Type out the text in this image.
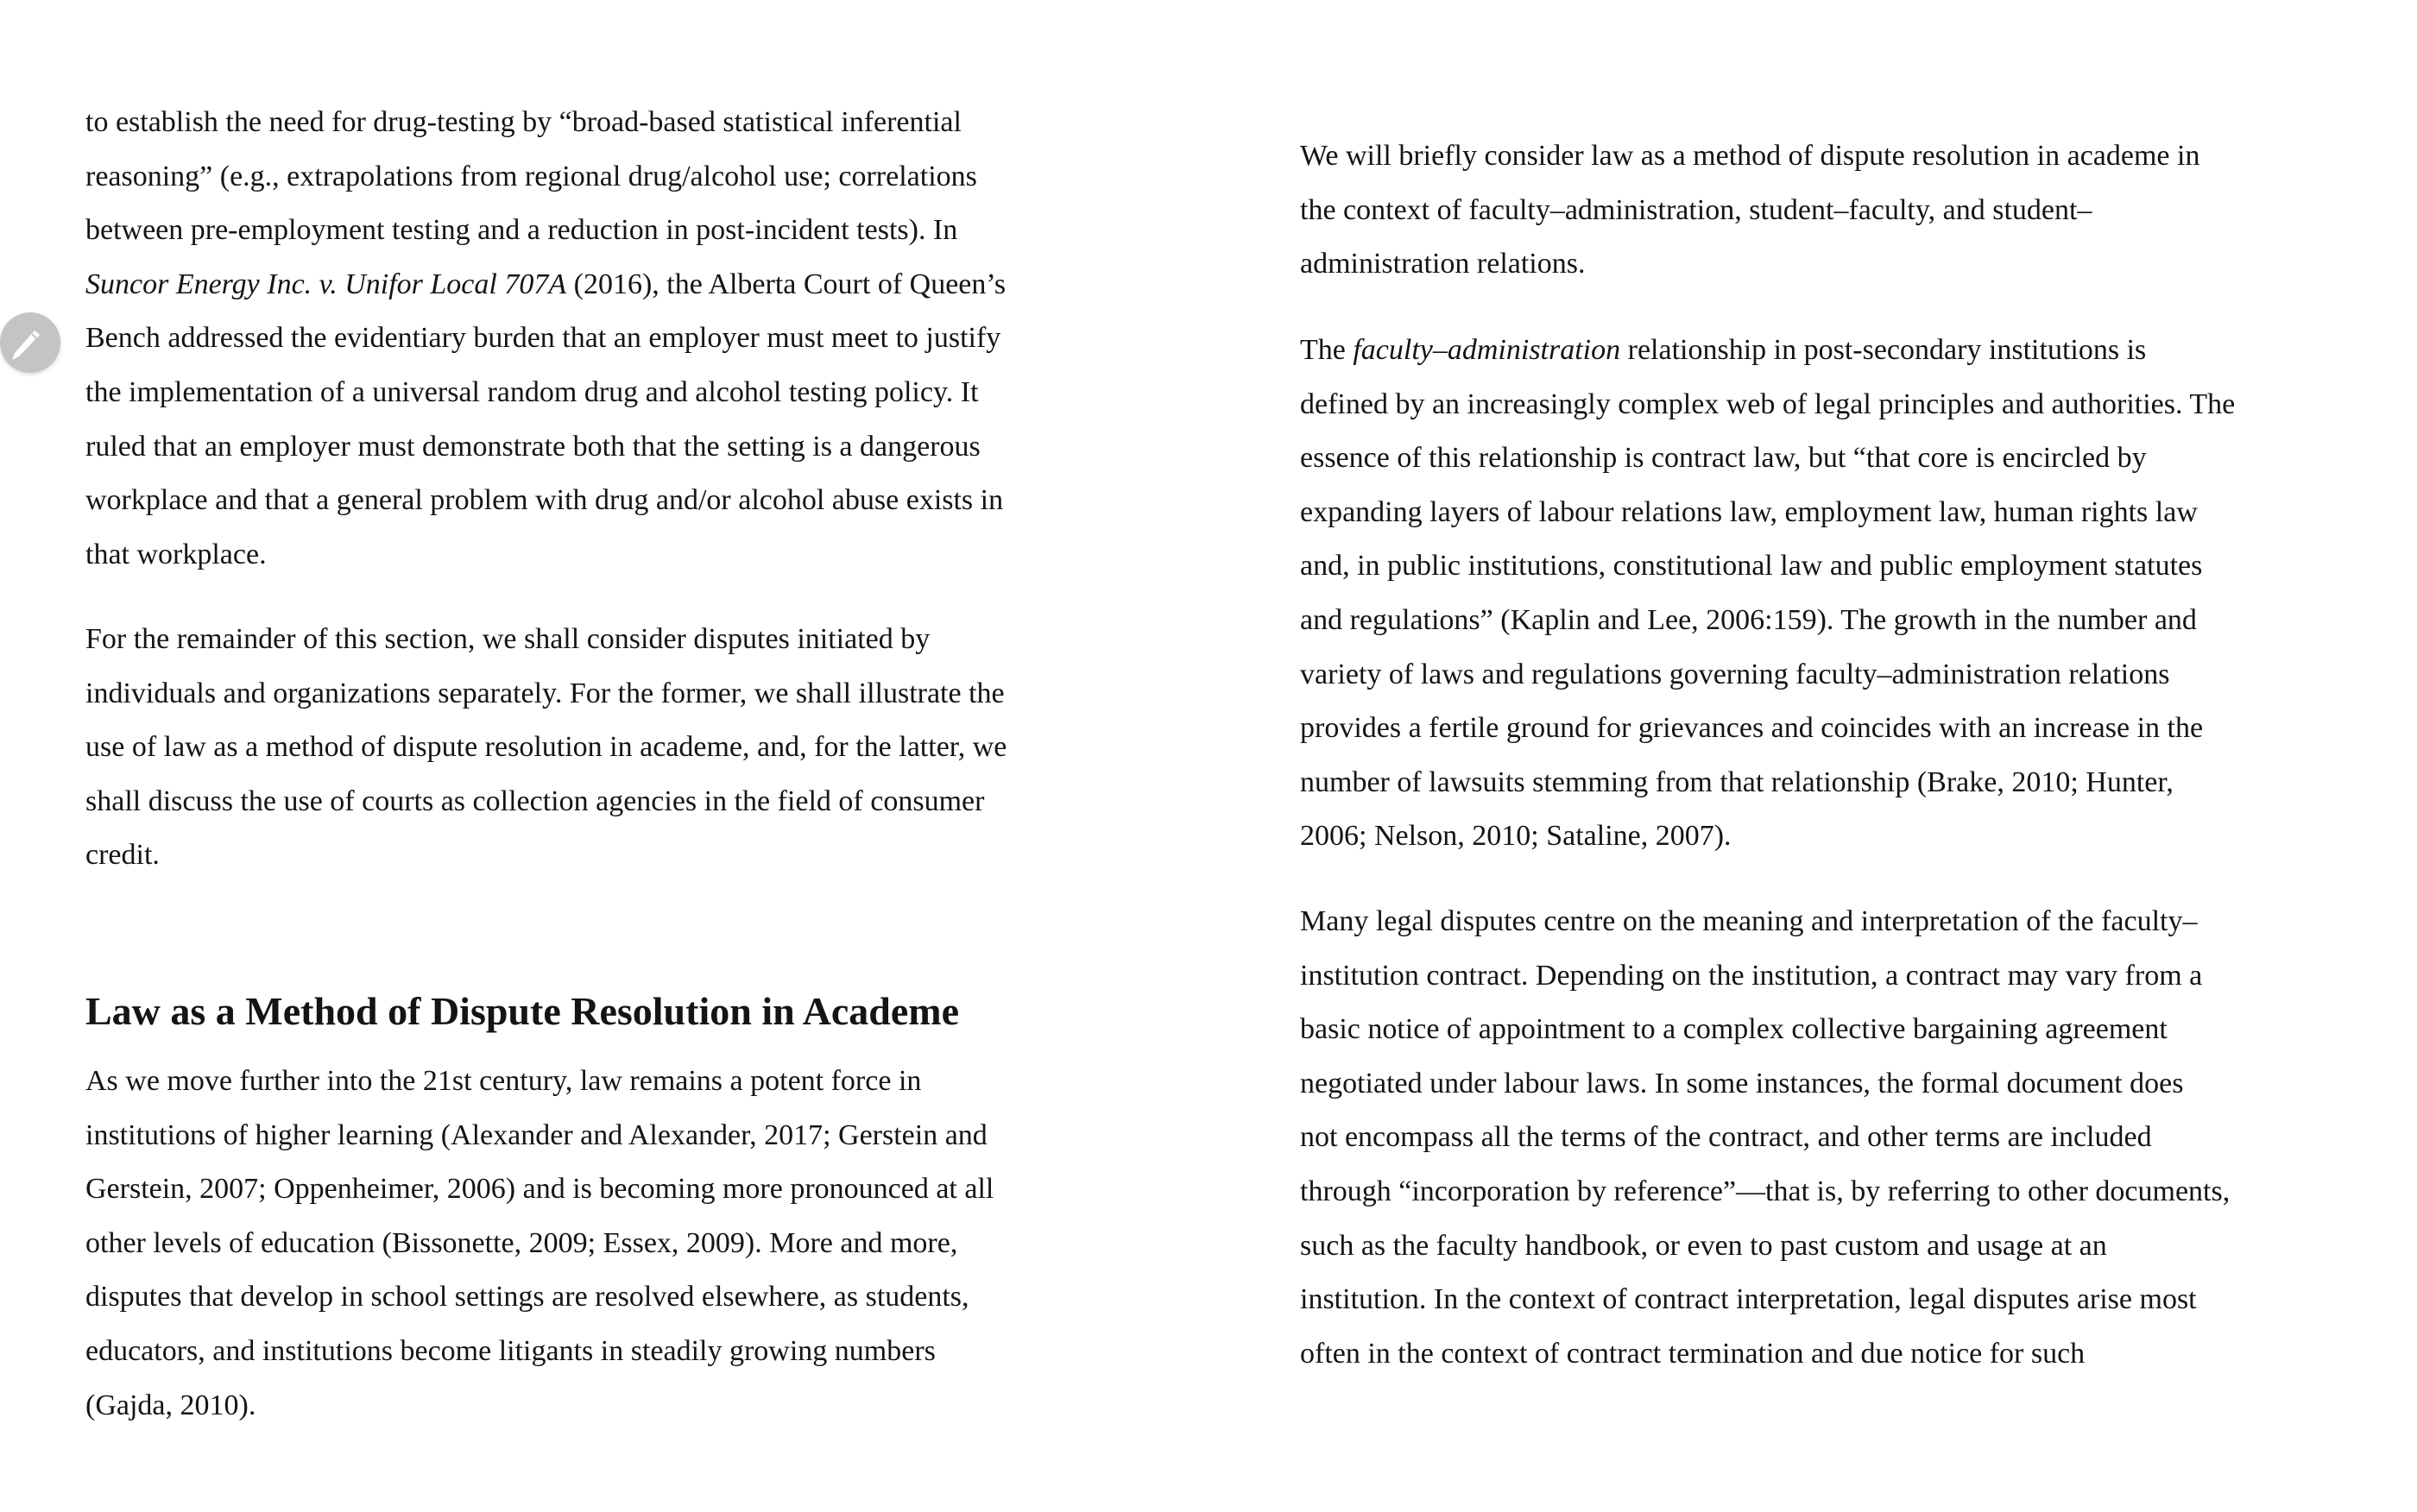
to establish the need for drug-testing by “broad-based statistical inferential
reasoning” (e.g., extrapolations from regional drug/alcohol use; correlations
between pre-employment testing and a reduction in post-incident tests). In
Suncor Energy Inc. v. Unifor Local 707A (2016), the Alberta Court of Queen’s
Bench addressed the evidentiary burden that an employer must meet to justify
the implementation of a universal random drug and alcohol testing policy. It
ruled that an employer must demonstrate both that the setting is a dangerous
workplace and that a general problem with drug and/or alcohol abuse exists in
that workplace.
For the remainder of this section, we shall consider disputes initiated by
individuals and organizations separately. For the former, we shall illustrate the
use of law as a method of dispute resolution in academe, and, for the latter, we
shall discuss the use of courts as collection agencies in the field of consumer
credit.
Law as a Method of Dispute Resolution in Academe
As we move further into the 21st century, law remains a potent force in
institutions of higher learning (Alexander and Alexander, 2017; Gerstein and
Gerstein, 2007; Oppenheimer, 2006) and is becoming more pronounced at all
other levels of education (Bissonette, 2009; Essex, 2009). More and more,
disputes that develop in school settings are resolved elsewhere, as students,
educators, and institutions become litigants in steadily growing numbers
(Gajda, 2010).
We will briefly consider law as a method of dispute resolution in academe in
the context of faculty–administration, student–faculty, and student–
administration relations.
The faculty–administration relationship in post-secondary institutions is
defined by an increasingly complex web of legal principles and authorities. The
essence of this relationship is contract law, but “that core is encircled by
expanding layers of labour relations law, employment law, human rights law
and, in public institutions, constitutional law and public employment statutes
and regulations” (Kaplin and Lee, 2006:159). The growth in the number and
variety of laws and regulations governing faculty–administration relations
provides a fertile ground for grievances and coincides with an increase in the
number of lawsuits stemming from that relationship (Brake, 2010; Hunter,
2006; Nelson, 2010; Sataline, 2007).
Many legal disputes centre on the meaning and interpretation of the faculty–
institution contract. Depending on the institution, a contract may vary from a
basic notice of appointment to a complex collective bargaining agreement
negotiated under labour laws. In some instances, the formal document does
not encompass all the terms of the contract, and other terms are included
through “incorporation by reference”—that is, by referring to other documents,
such as the faculty handbook, or even to past custom and usage at an
institution. In the context of contract interpretation, legal disputes arise most
often in the context of contract termination and due notice for such
